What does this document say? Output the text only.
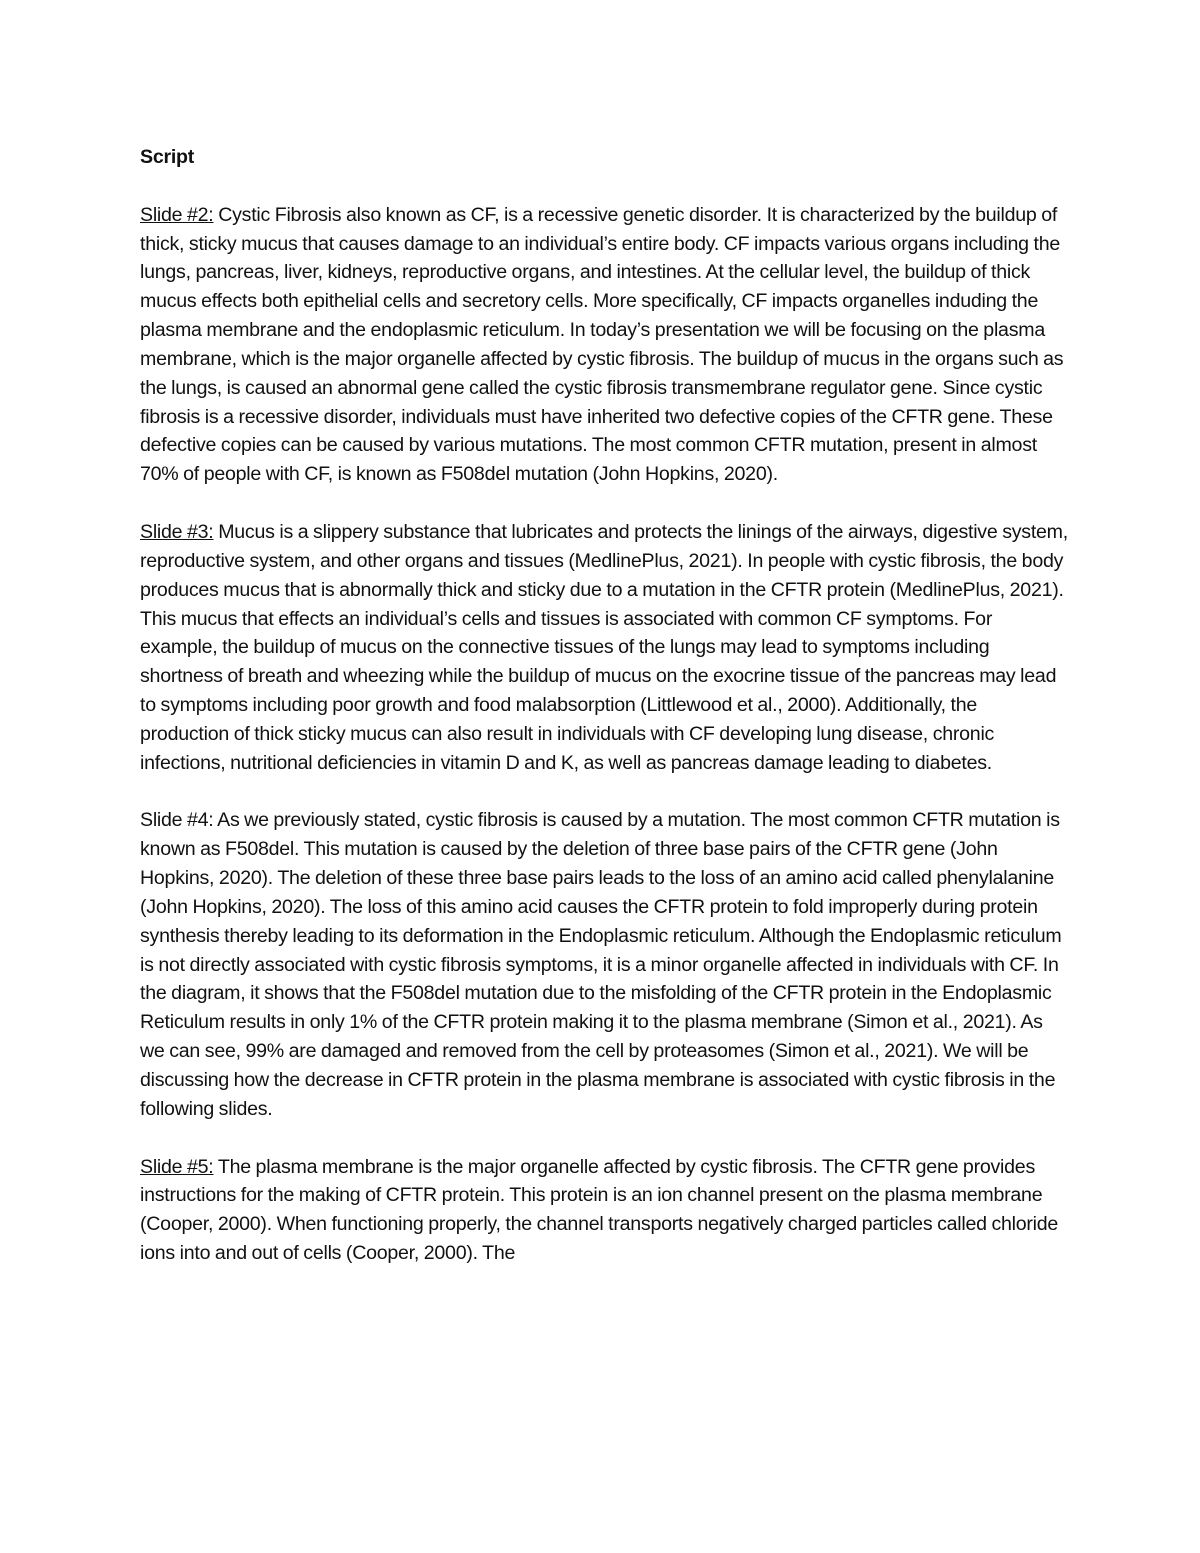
Script

Slide #2: Cystic Fibrosis also known as CF, is a recessive genetic disorder. It is characterized by the buildup of thick, sticky mucus that causes damage to an individual’s entire body. CF impacts various organs including the lungs, pancreas, liver, kidneys, reproductive organs, and intestines. At the cellular level, the buildup of thick mucus effects both epithelial cells and secretory cells. More specifically, CF impacts organelles induding the plasma membrane and the endoplasmic reticulum. In today’s presentation we will be focusing on the plasma membrane, which is the major organelle affected by cystic fibrosis. The buildup of mucus in the organs such as the lungs, is caused an abnormal gene called the cystic fibrosis transmembrane regulator gene. Since cystic fibrosis is a recessive disorder, individuals must have inherited two defective copies of the CFTR gene. These defective copies can be caused by various mutations. The most common CFTR mutation, present in almost 70% of people with CF, is known as F508del mutation (John Hopkins, 2020).

Slide #3: Mucus is a slippery substance that lubricates and protects the linings of the airways, digestive system, reproductive system, and other organs and tissues (MedlinePlus, 2021). In people with cystic fibrosis, the body produces mucus that is abnormally thick and sticky due to a mutation in the CFTR protein (MedlinePlus, 2021). This mucus that effects an individual’s cells and tissues is associated with common CF symptoms. For example, the buildup of mucus on the connective tissues of the lungs may lead to symptoms including shortness of breath and wheezing while the buildup of mucus on the exocrine tissue of the pancreas may lead to symptoms including poor growth and food malabsorption (Littlewood et al., 2000). Additionally, the production of thick sticky mucus can also result in individuals with CF developing lung disease, chronic infections, nutritional deficiencies in vitamin D and K, as well as pancreas damage leading to diabetes.

Slide #4: As we previously stated, cystic fibrosis is caused by a mutation. The most common CFTR mutation is known as F508del. This mutation is caused by the deletion of three base pairs of the CFTR gene (John Hopkins, 2020). The deletion of these three base pairs leads to the loss of an amino acid called phenylalanine (John Hopkins, 2020). The loss of this amino acid causes the CFTR protein to fold improperly during protein synthesis thereby leading to its deformation in the Endoplasmic reticulum. Although the Endoplasmic reticulum is not directly associated with cystic fibrosis symptoms, it is a minor organelle affected in individuals with CF. In the diagram, it shows that the F508del mutation due to the misfolding of the CFTR protein in the Endoplasmic Reticulum results in only 1% of the CFTR protein making it to the plasma membrane (Simon et al., 2021). As we can see, 99% are damaged and removed from the cell by proteasomes (Simon et al., 2021). We will be discussing how the decrease in CFTR protein in the plasma membrane is associated with cystic fibrosis in the following slides.

Slide #5: The plasma membrane is the major organelle affected by cystic fibrosis. The CFTR gene provides instructions for the making of CFTR protein. This protein is an ion channel present on the plasma membrane (Cooper, 2000). When functioning properly, the channel transports negatively charged particles called chloride ions into and out of cells (Cooper, 2000). The
